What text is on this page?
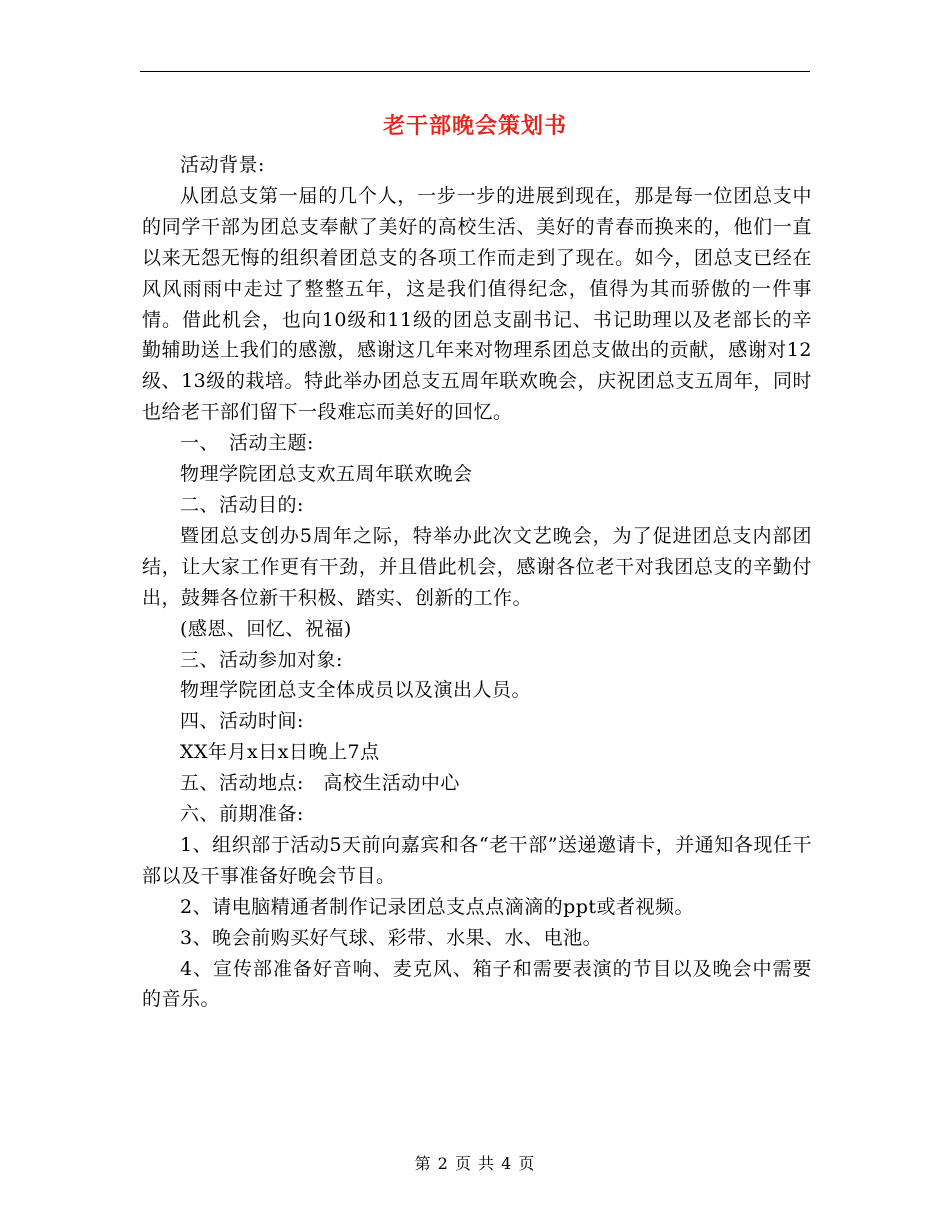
老干部晚会策划书

活动背景:

从团总支第一届的几个人，一步一步的进展到现在，那是每一位团总支中的同学干部为团总支奉献了美好的高校生活、美好的青春而换来的，他们一直以来无怨无悔的组织着团总支的各项工作而走到了现在。如今，团总支已经在风风雨雨中走过了整整五年，这是我们值得纪念，值得为其而骄傲的一件事情。借此机会，也向10级和11级的团总支副书记、书记助理以及老部长的辛勤辅助送上我们的感激，感谢这几年来对物理系团总支做出的贡献，感谢对12级、13级的栽培。特此举办团总支五周年联欢晚会，庆祝团总支五周年，同时也给老干部们留下一段难忘而美好的回忆。

一、　活动主题:

物理学院团总支欢五周年联欢晚会

二、活动目的:

暨团总支创办5周年之际，特举办此次文艺晚会，为了促进团总支内部团结，让大家工作更有干劲，并且借此机会，感谢各位老干对我团总支的辛勤付出，鼓舞各位新干积极、踏实、创新的工作。

(感恩、回忆、祝福)

三、活动参加对象:

物理学院团总支全体成员以及演出人员。

四、活动时间:

XX年月x日x日晚上7点

五、活动地点:　高校生活动中心

六、前期准备:

1、组织部于活动5天前向嘉宾和各“老干部”送递邀请卡，并通知各现任干部以及干事准备好晚会节目。

2、请电脑精通者制作记录团总支点点滴滴的ppt或者视频。

3、晚会前购买好气球、彩带、水果、水、电池。

4、宣传部准备好音响、麦克风、箱子和需要表演的节目以及晚会中需要的音乐。

第 2 页 共 4 页
